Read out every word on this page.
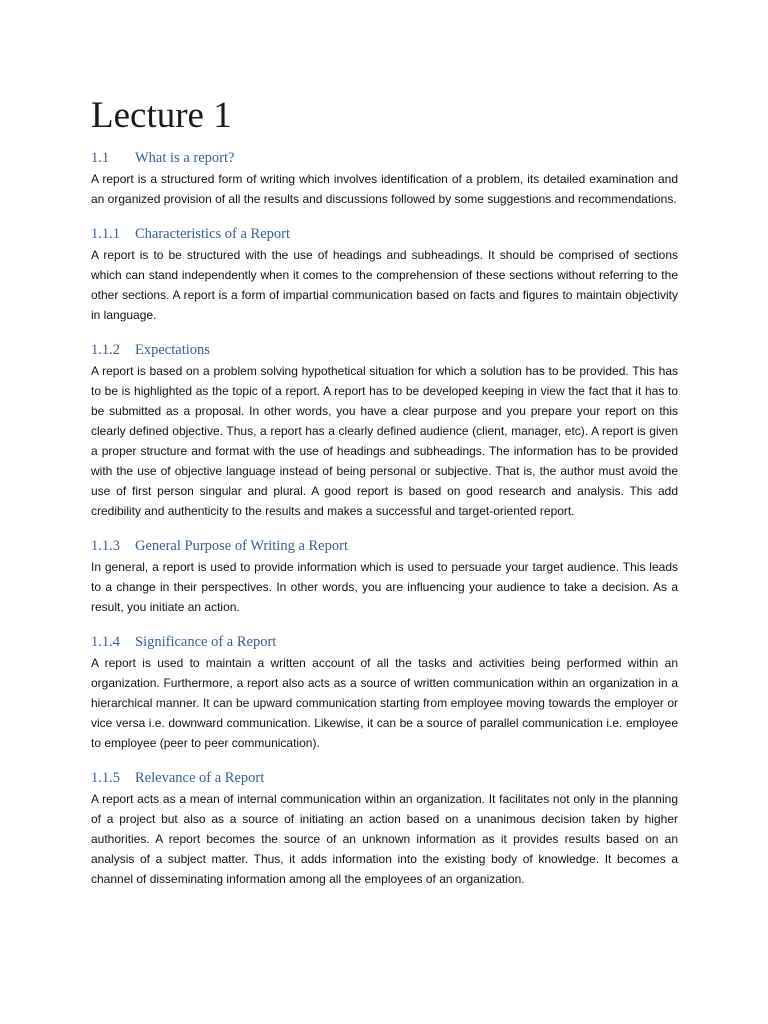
Lecture 1
1.1 What is a report?

A report is a structured form of writing which involves identification of a problem, its detailed examination and an organized provision of all the results and discussions followed by some suggestions and recommendations.

1.1.1 Characteristics of a Report

A report is to be structured with the use of headings and subheadings. It should be comprised of sections which can stand independently when it comes to the comprehension of these sections without referring to the other sections. A report is a form of impartial communication based on facts and figures to maintain objectivity in language.

1.1.2 Expectations

A report is based on a problem solving hypothetical situation for which a solution has to be provided. This has to be is highlighted as the topic of a report. A report has to be developed keeping in view the fact that it has to be submitted as a proposal. In other words, you have a clear purpose and you prepare your report on this clearly defined objective. Thus, a report has a clearly defined audience (client, manager, etc). A report is given a proper structure and format with the use of headings and subheadings. The information has to be provided with the use of objective language instead of being personal or subjective. That is, the author must avoid the use of first person singular and plural. A good report is based on good research and analysis. This add credibility and authenticity to the results and makes a successful and target-oriented report.

1.1.3 General Purpose of Writing a Report

In general, a report is used to provide information which is used to persuade your target audience. This leads to a change in their perspectives. In other words, you are influencing your audience to take a decision. As a result, you initiate an action.

1.1.4 Significance of a Report

A report is used to maintain a written account of all the tasks and activities being performed within an organization. Furthermore, a report also acts as a source of written communication within an organization in a hierarchical manner. It can be upward communication starting from employee moving towards the employer or vice versa i.e. downward communication. Likewise, it can be a source of parallel communication i.e. employee to employee (peer to peer communication).

1.1.5 Relevance of a Report

A report acts as a mean of internal communication within an organization. It facilitates not only in the planning of a project but also as a source of initiating an action based on a unanimous decision taken by higher authorities. A report becomes the source of an unknown information as it provides results based on an analysis of a subject matter. Thus, it adds information into the existing body of knowledge. It becomes a channel of disseminating information among all the employees of an organization.
